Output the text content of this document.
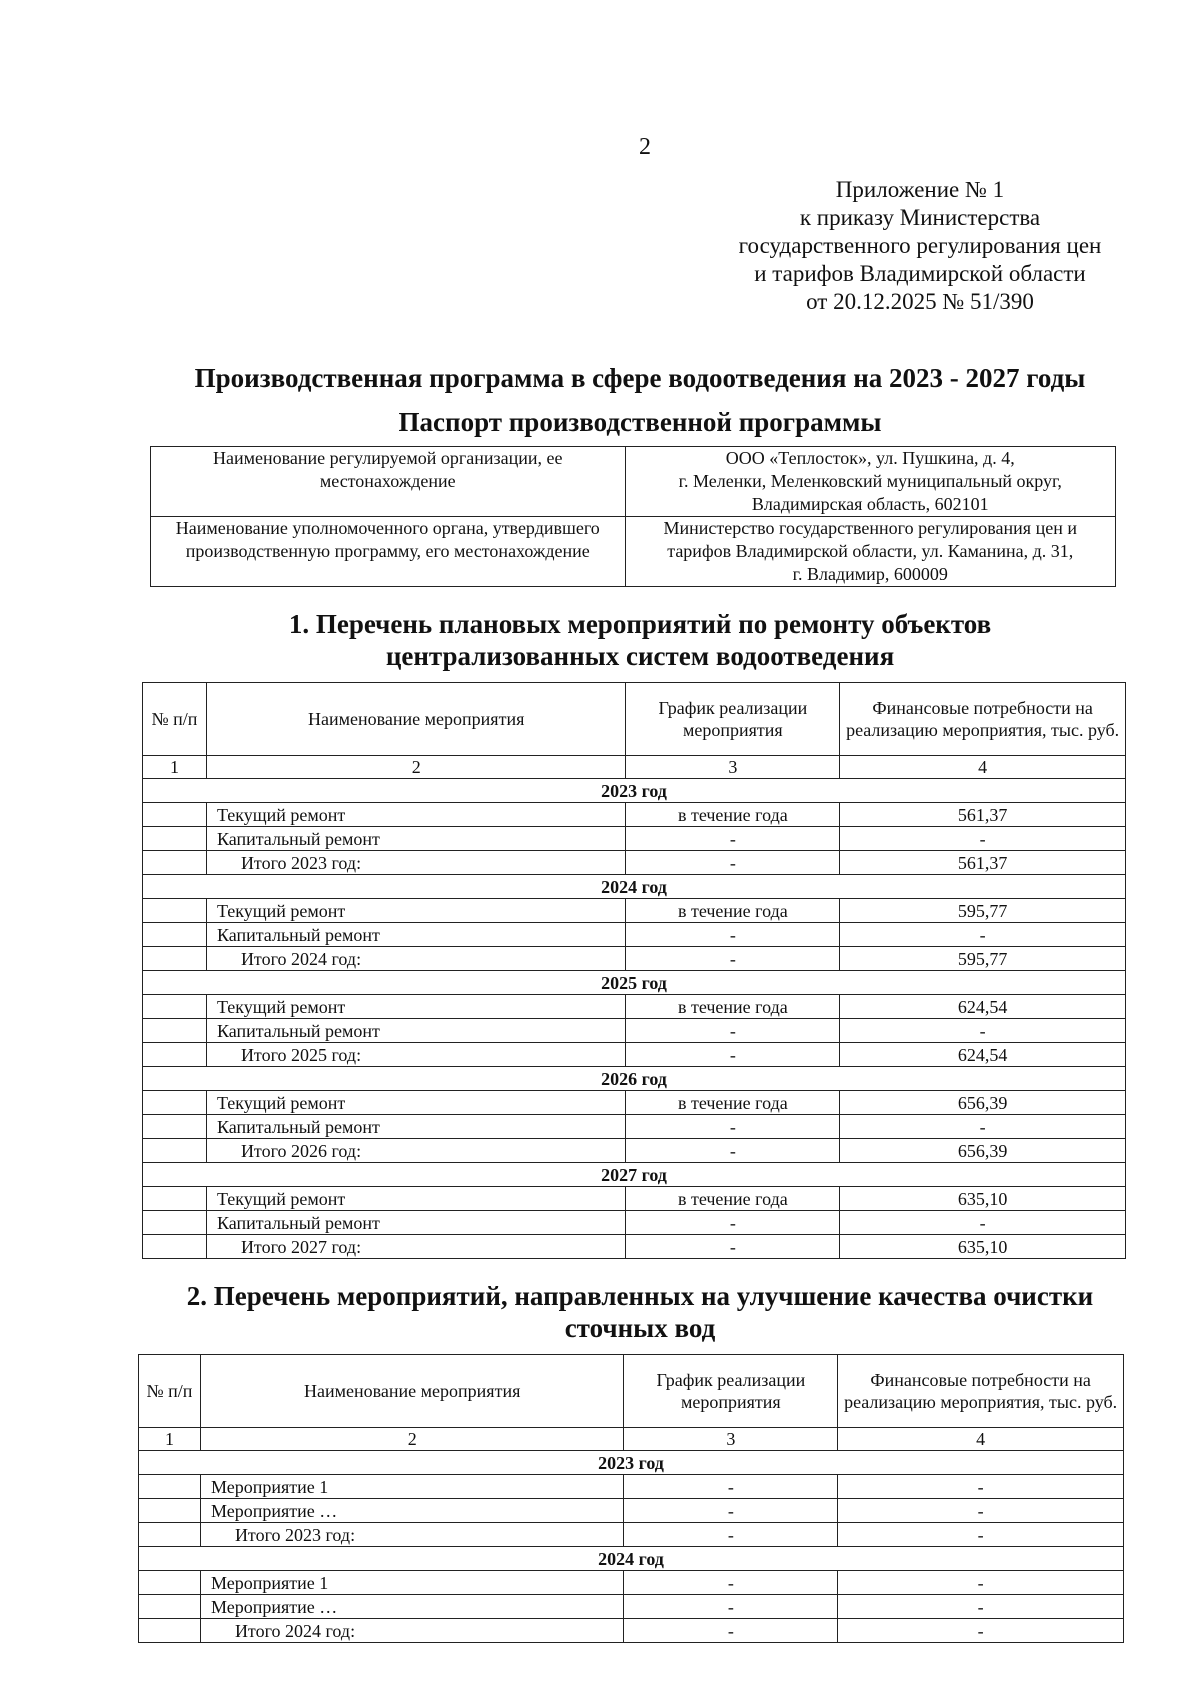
2
Приложение № 1
к приказу Министерства
государственного регулирования цен
и тарифов Владимирской области
от 20.12.2025 № 51/390
Производственная программа в сфере водоотведения на 2023 - 2027 годы
Паспорт производственной программы
Наименование регулируемой организации, ее местонахождение	ООО «Теплосток», ул. Пушкина, д. 4,
г. Меленки, Меленковский муниципальный округ,
Владимирская область, 602101

Наименование уполномоченного органа, утвердившего производственную программу, его местонахождение	Министерство государственного регулирования цен и
тарифов Владимирской области, ул. Каманина, д. 31,
г. Владимир, 600009
1. Перечень плановых мероприятий по ремонту объектов
централизованных систем водоотведения
№ п/п	Наименование мероприятия	График реализации мероприятия	Финансовые потребности на реализацию мероприятия, тыс. руб.
1	2	3	4
2023 год			
	Текущий ремонт	в течение года	561,37
	Капитальный ремонт	-	-
	Итого 2023 год:	-	561,37
2024 год			
	Текущий ремонт	в течение года	595,77
	Капитальный ремонт	-	-
	Итого 2024 год:	-	595,77
2025 год			
	Текущий ремонт	в течение года	624,54
	Капитальный ремонт	-	-
	Итого 2025 год:	-	624,54
2026 год			
	Текущий ремонт	в течение года	656,39
	Капитальный ремонт	-	-
	Итого 2026 год:	-	656,39
2027 год			
	Текущий ремонт	в течение года	635,10
	Капитальный ремонт	-	-
	Итого 2027 год:	-	635,10
2. Перечень мероприятий, направленных на улучшение качества очистки
сточных вод
№ п/п	Наименование мероприятия	График реализации мероприятия	Финансовые потребности на реализацию мероприятия, тыс. руб.
1	2	3	4
2023 год			
	Мероприятие 1	-	-
	Мероприятие …	-	-
	Итого 2023 год:	-	-
2024 год			
	Мероприятие 1	-	-
	Мероприятие …	-	-
	Итого 2024 год:	-	-
